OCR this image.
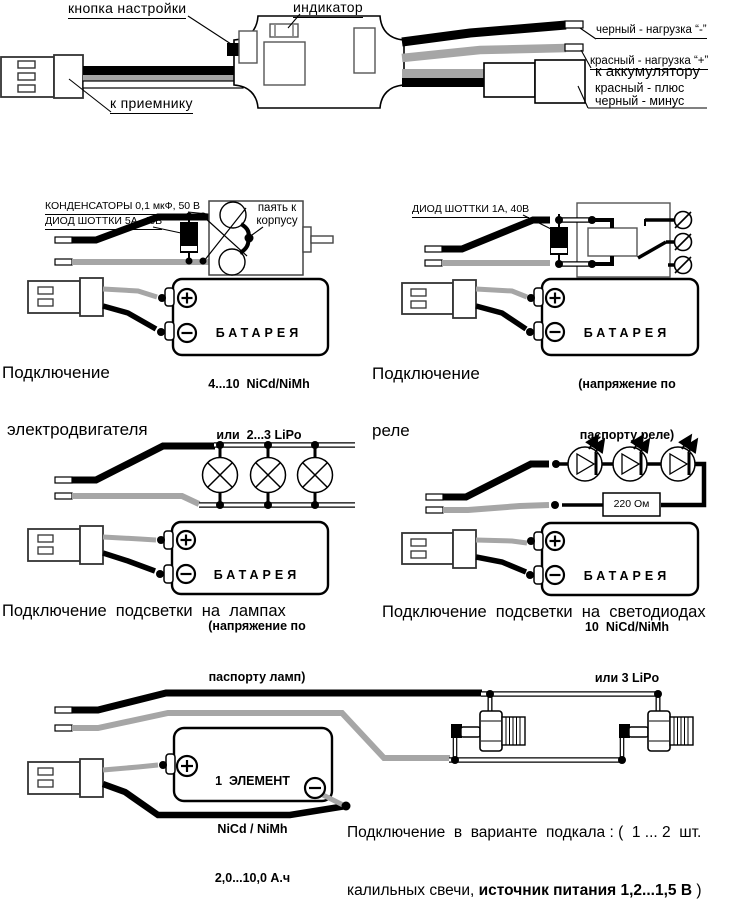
кнопка настройки	индикатор
к приемнику
черный - нагрузка “-”
красный - нагрузка “+”
к аккумулятору
красный - плюс
черный - минус
КОНДЕНСАТОРЫ 0,1 мкФ, 50 В
ДИОД ШОТТКИ 5А, 40В
паять к
корпусу

БАТАРЕЯ

4...10  NiCd/NiMh

или  2...3 LiPo

Подключение

электродвигателя

ДИОД ШОТТКИ 1А, 40В

БАТАРЕЯ

(напряжение по

паспорту реле)

Подключение

реле

БАТАРЕЯ

(напряжение по

паспорту ламп)

Подключение  подсветки  на  лампах
220 Ом

БАТАРЕЯ

10  NiCd/NiMh

или 3 LiPo

Подключение  подсветки  на  светодиодах

1  ЭЛЕМЕНТ

NiCd / NiMh

2,0...10,0 А.ч

Подключение  в  варианте  подкала : (  1 ... 2  шт.

калильных свечи, источник питания 1,2...1,5 В )
